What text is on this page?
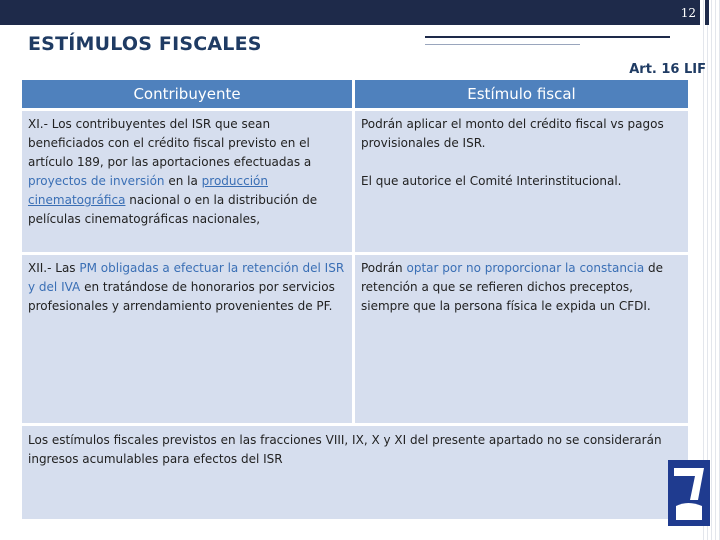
12
ESTÍMULOS FISCALES
Art. 16 LIF
Contribuyente	Estímulo fiscal
XI.- Los contribuyentes del ISR que sean beneficiados con el crédito fiscal previsto en el artículo 189, por las aportaciones efectuadas a proyectos de inversión en la producción cinematográfica nacional o en la distribución de películas cinematográficas nacionales,
Podrán aplicar el monto del crédito fiscal vs pagos provisionales de ISR.
El que autorice el Comité Interinstitucional.
XII.- Las PM obligadas a efectuar la retención del ISR y del IVA en tratándose de honorarios por servicios profesionales y arrendamiento provenientes de PF.
Podrán optar por no proporcionar la constancia de retención a que se refieren dichos preceptos, siempre que la persona física le expida un CFDI.
Los estímulos fiscales previstos en las fracciones VIII, IX, X y XI del presente apartado no se considerarán ingresos acumulables para efectos del ISR
